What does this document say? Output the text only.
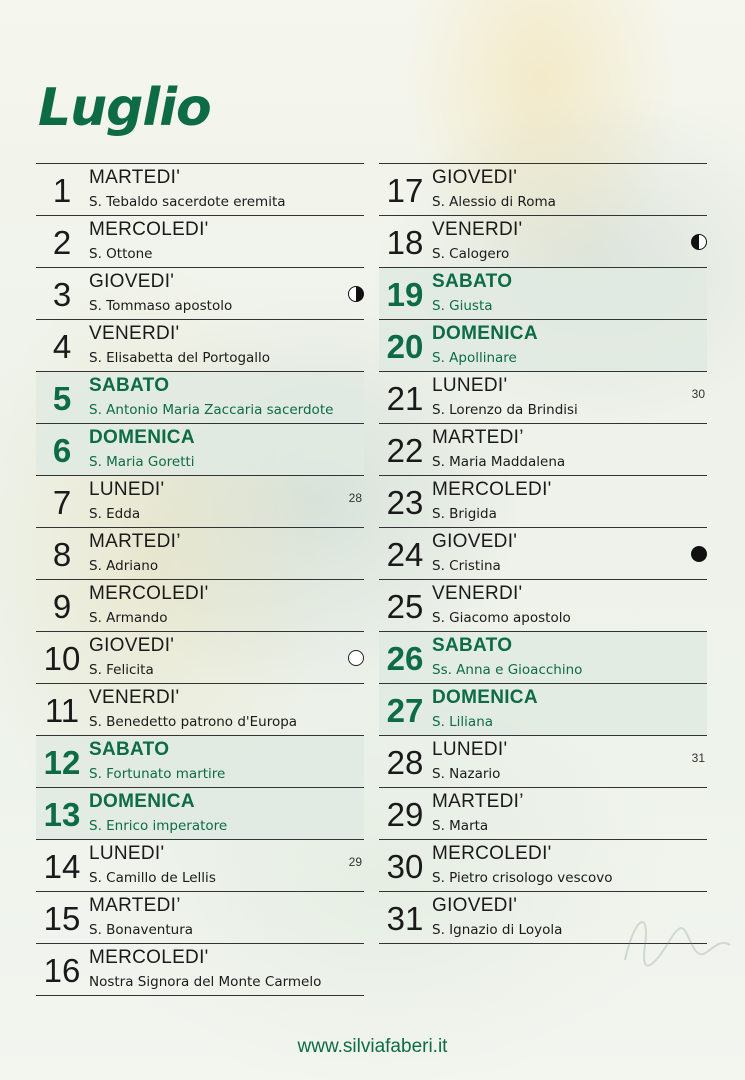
Luglio
1 MARTEDI'
S. Tebaldo sacerdote eremita
2 MERCOLEDI'
S. Ottone
3 GIOVEDI'
S. Tommaso apostolo
4 VENERDI'
S. Elisabetta del Portogallo
5 SABATO
S. Antonio Maria Zaccaria sacerdote
6 DOMENICA
S. Maria Goretti
7 LUNEDI'
S. Edda
28
8 MARTEDI’
S. Adriano
9 MERCOLEDI'
S. Armando
10 GIOVEDI'
S. Felicita
11 VENERDI'
S. Benedetto patrono d'Europa
12 SABATO
S. Fortunato martire
13 DOMENICA
S. Enrico imperatore
14 LUNEDI'
S. Camillo de Lellis
29
15 MARTEDI’
S. Bonaventura
16 MERCOLEDI'
Nostra Signora del Monte Carmelo
17 GIOVEDI'
S. Alessio di Roma
18 VENERDI'
S. Calogero
19 SABATO
S. Giusta
20 DOMENICA
S. Apollinare
21 LUNEDI'
S. Lorenzo da Brindisi
30
22 MARTEDI’
S. Maria Maddalena
23 MERCOLEDI'
S. Brigida
24 GIOVEDI'
S. Cristina
25 VENERDI'
S. Giacomo apostolo
26 SABATO
Ss. Anna e Gioacchino
27 DOMENICA
S. Liliana
28 LUNEDI'
S. Nazario
31
29 MARTEDI’
S. Marta
30 MERCOLEDI'
S. Pietro crisologo vescovo
31 GIOVEDI'
S. Ignazio di Loyola
www.silviafaberi.it
